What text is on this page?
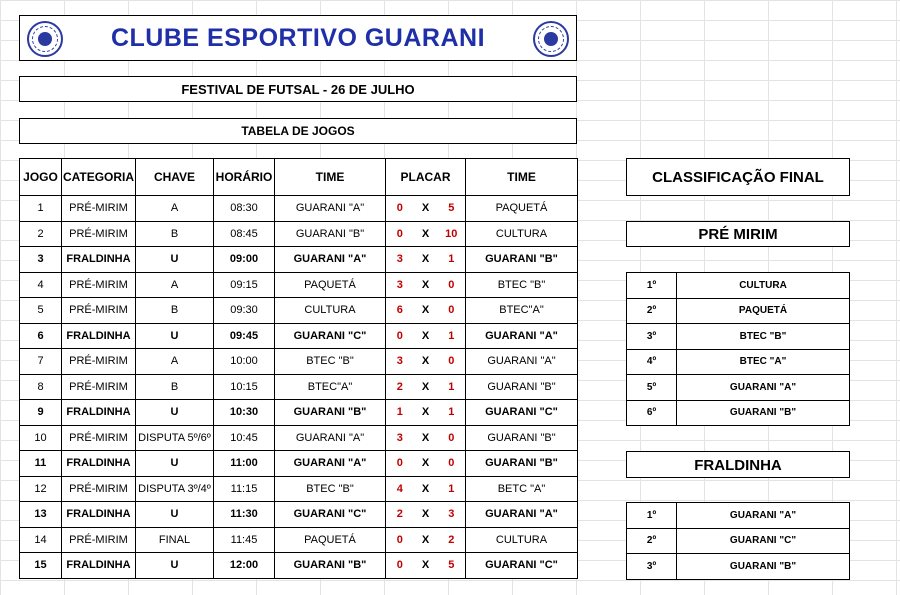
CLUBE ESPORTIVO GUARANI
FESTIVAL DE FUTSAL - 26 DE JULHO
TABELA DE JOGOS
JOGO	CATEGORIA	CHAVE	HORÁRIO	TIME	PLACAR			TIME
1	PRÉ-MIRIM	A	08:30	GUARANI "A"	0	X	5	PAQUETÁ
2	PRÉ-MIRIM	B	08:45	GUARANI "B"	0	X	10	CULTURA
3	FRALDINHA	U	09:00	GUARANI "A"	3	X	1	GUARANI "B"
4	PRÉ-MIRIM	A	09:15	PAQUETÁ	3	X	0	BTEC "B"
5	PRÉ-MIRIM	B	09:30	CULTURA	6	X	0	BTEC"A"
6	FRALDINHA	U	09:45	GUARANI "C"	0	X	1	GUARANI "A"
7	PRÉ-MIRIM	A	10:00	BTEC "B"	3	X	0	GUARANI "A"
8	PRÉ-MIRIM	B	10:15	BTEC"A"	2	X	1	GUARANI "B"
9	FRALDINHA	U	10:30	GUARANI "B"	1	X	1	GUARANI "C"
10	PRÉ-MIRIM	DISPUTA 5º/6º	10:45	GUARANI "A"	3	X	0	GUARANI "B"
11	FRALDINHA	U	11:00	GUARANI "A"	0	X	0	GUARANI "B"
12	PRÉ-MIRIM	DISPUTA 3º/4º	11:15	BTEC "B"	4	X	1	BETC "A"
13	FRALDINHA	U	11:30	GUARANI "C"	2	X	3	GUARANI "A"
14	PRÉ-MIRIM	FINAL	11:45	PAQUETÁ	0	X	2	CULTURA
15	FRALDINHA	U	12:00	GUARANI "B"	0	X	5	GUARANI "C"
CLASSIFICAÇÃO FINAL
PRÉ MIRIM
1º	CULTURA
2º	PAQUETÁ
3º	BTEC "B"
4º	BTEC "A"
5º	GUARANI "A"
6º	GUARANI "B"
FRALDINHA
1º	GUARANI "A"
2º	GUARANI "C"
3º	GUARANI "B"
